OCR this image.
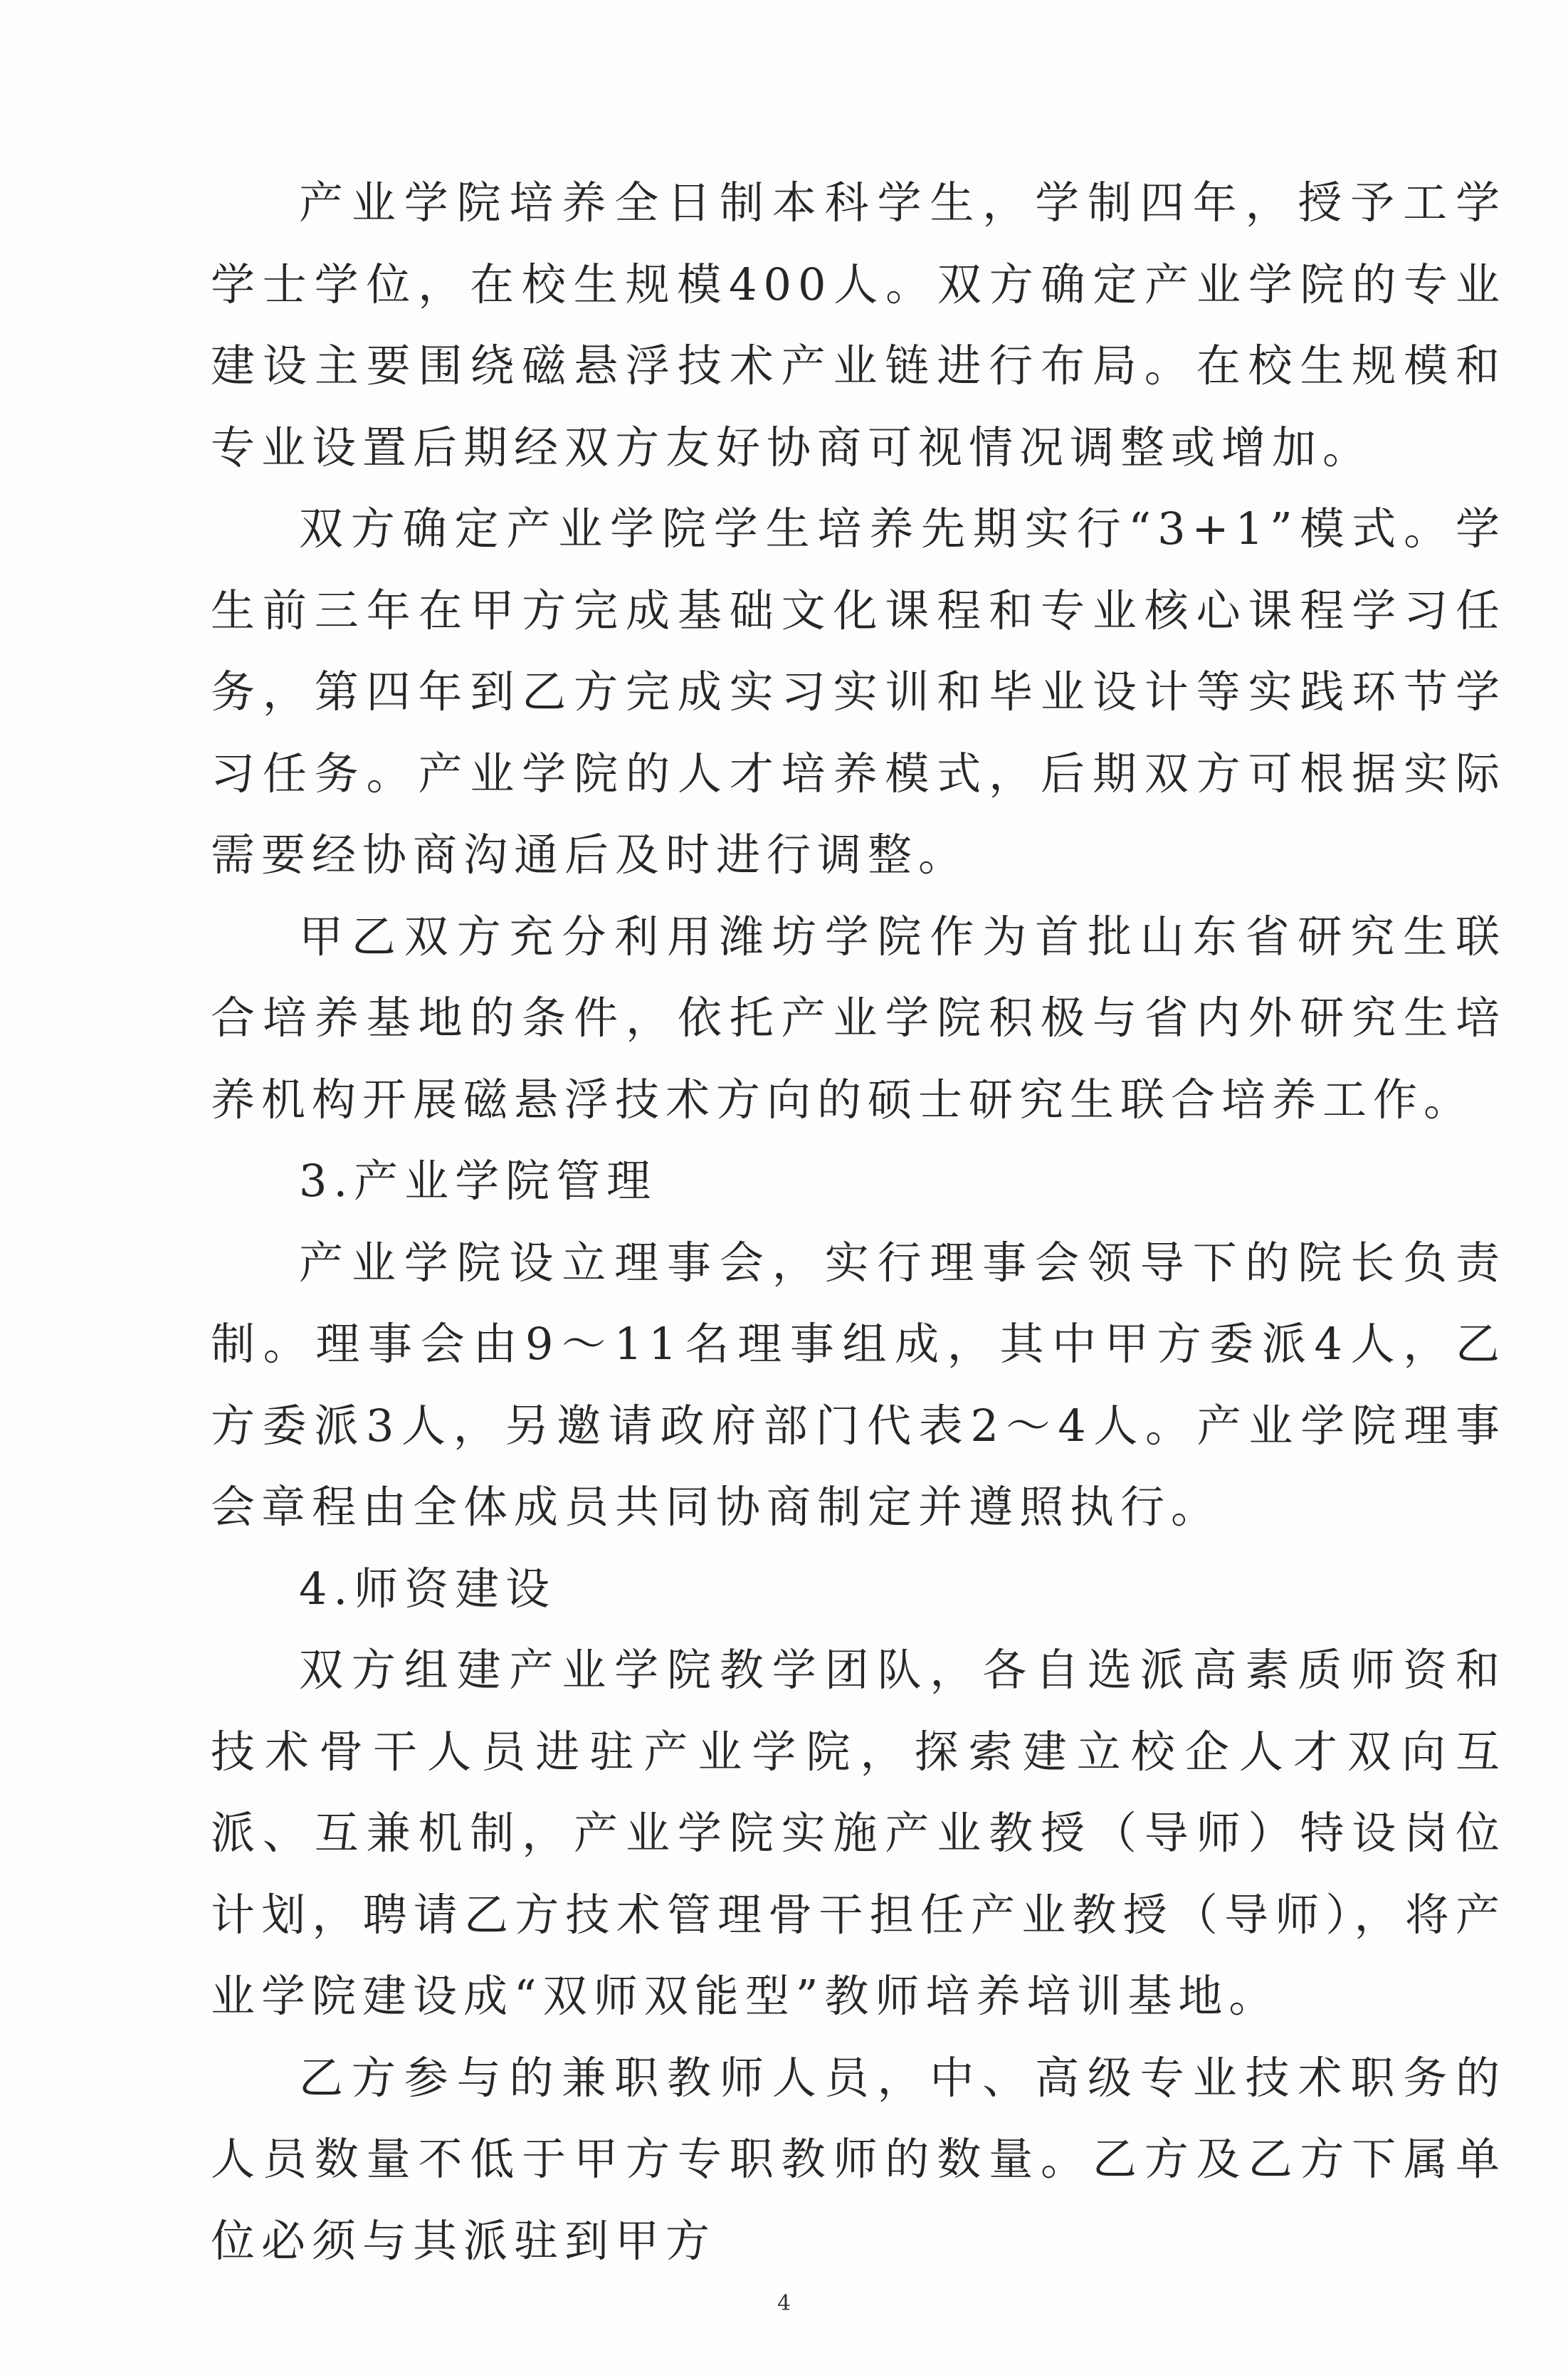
产业学院培养全日制本科学生，学制四年，授予工学学士学位，在校生规模400人。双方确定产业学院的专业建设主要围绕磁悬浮技术产业链进行布局。在校生规模和专业设置后期经双方友好协商可视情况调整或增加。

双方确定产业学院学生培养先期实行“3+1”模式。学生前三年在甲方完成基础文化课程和专业核心课程学习任务，第四年到乙方完成实习实训和毕业设计等实践环节学习任务。产业学院的人才培养模式，后期双方可根据实际需要经协商沟通后及时进行调整。

甲乙双方充分利用潍坊学院作为首批山东省研究生联合培养基地的条件，依托产业学院积极与省内外研究生培养机构开展磁悬浮技术方向的硕士研究生联合培养工作。

3.产业学院管理

产业学院设立理事会，实行理事会领导下的院长负责制。理事会由9～11名理事组成，其中甲方委派4人，乙方委派3人，另邀请政府部门代表2～4人。产业学院理事会章程由全体成员共同协商制定并遵照执行。

4.师资建设

双方组建产业学院教学团队，各自选派高素质师资和技术骨干人员进驻产业学院，探索建立校企人才双向互派、互兼机制，产业学院实施产业教授（导师）特设岗位计划，聘请乙方技术管理骨干担任产业教授（导师），将产业学院建设成“双师双能型”教师培养培训基地。

乙方参与的兼职教师人员，中、高级专业技术职务的人员数量不低于甲方专职教师的数量。乙方及乙方下属单位必须与其派驻到甲方

4
